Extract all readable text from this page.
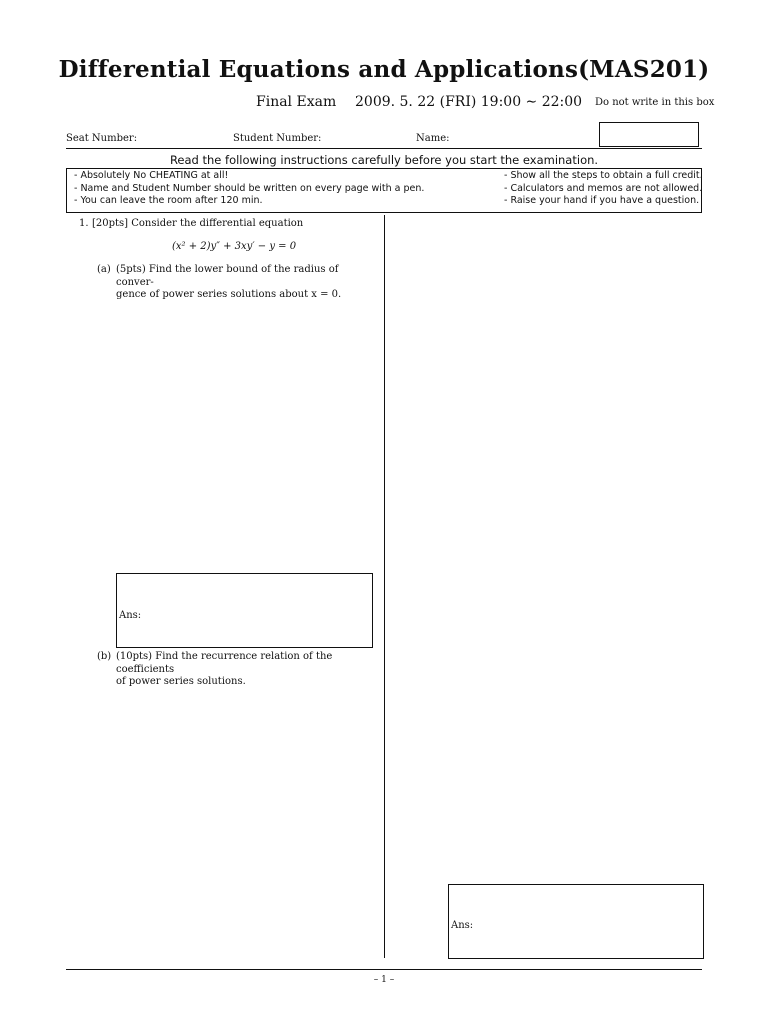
Differential Equations and Applications(MAS201)
Final Exam 2009. 5. 22 (FRI) 19:00 ∼ 22:00 Do not write in this box
Seat Number:	Student Number:	Name:
Read the following instructions carefully before you start the examination.
- Absolutely No CHEATING at all!
- Name and Student Number should be written on every page with a pen.
- You can leave the room after 120 min.
- Show all the steps to obtain a full credit.
- Calculators and memos are not allowed.
- Raise your hand if you have a question.
1. [20pts] Consider the differential equation
(x² + 2)y″ + 3xy′ − y = 0
(a) (5pts) Find the lower bound of the radius of conver-
gence of power series solutions about x = 0.
Ans:
(b) (10pts) Find the recurrence relation of the coefficients
of power series solutions.
Ans:
– 1 –
